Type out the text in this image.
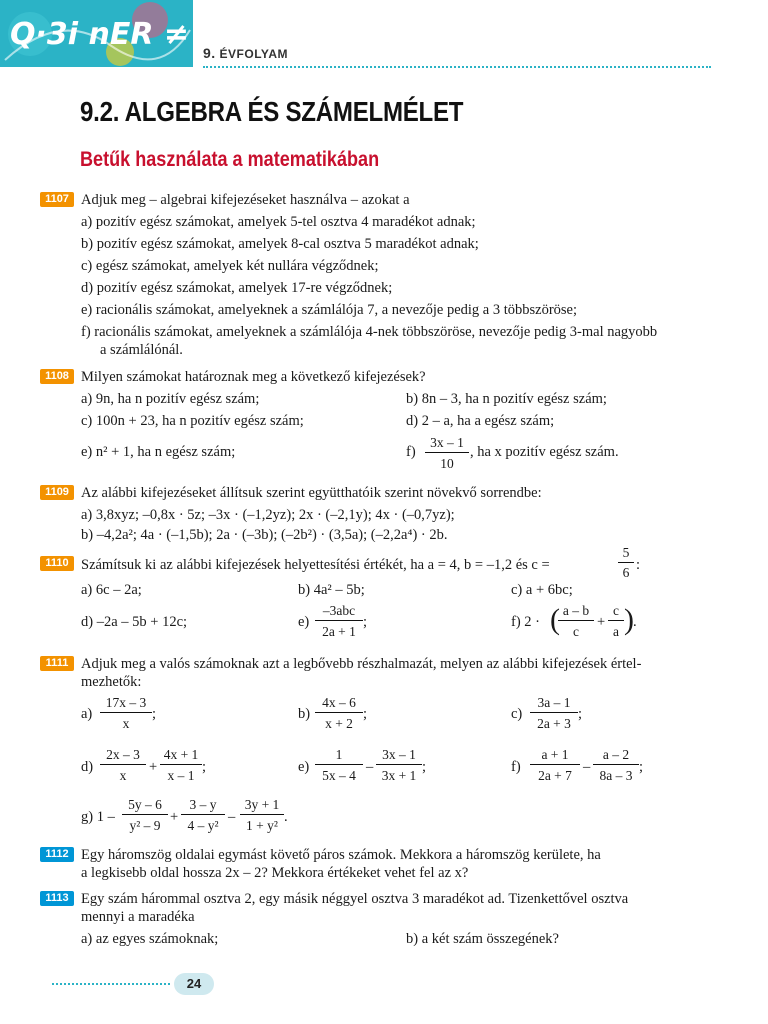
Q·3i nER ≠
9. ÉVFOLYAM
9.2. ALGEBRA ÉS SZÁMELMÉLET
Betűk használata a matematikában
1107 Adjuk meg – algebrai kifejezéseket használva – azokat a
a) pozitív egész számokat, amelyek 5-tel osztva 4 maradékot adnak;
b) pozitív egész számokat, amelyek 8-cal osztva 5 maradékot adnak;
c) egész számokat, amelyek két nullára végződnek;
d) pozitív egész számokat, amelyek 17-re végződnek;
e) racionális számokat, amelyeknek a számlálója 7, a nevezője pedig a 3 többszöröse;
f) racionális számokat, amelyeknek a számlálója 4-nek többszöröse, nevezője pedig 3-mal nagyobb
a számlálónál.
1108 Milyen számokat határoznak meg a következő kifejezések?
a) 9n, ha n pozitív egész szám;	b) 8n – 3, ha n pozitív egész szám;
c) 100n + 23, ha n pozitív egész szám;	d) 2 – a, ha a egész szám;
e) n² + 1, ha n egész szám;	f)
3x – 1
10
, ha x pozitív egész szám.
1109 Az alábbi kifejezéseket állítsuk szerint együtthatóik szerint növekvő sorrendbe:
a) 3,8xyz; –0,8x · 5z; –3x · (–1,2yz); 2x · (–2,1y); 4x · (–0,7yz);
b) –4,2a²; 4a · (–1,5b); 2a · (–3b); (–2b²) · (3,5a); (–2,2a⁴) · 2b.
1110 Számítsuk ki az alábbi kifejezések helyettesítési értékét, ha a = 4, b = –1,2 és c =
5
6 :
a) 6c – 2a;	b) 4a² – 5b;	c) a + 6bc;
d) –2a – 5b + 12c;	e)
–3abc
2a + 1
;	f) 2 · ( a – b
c
+
c
a ) .
1111 Adjuk meg a valós számoknak azt a legbővebb részhalmazát, melyen az alábbi kifejezések értel-
mezhetők:
a)
17x – 3
x
;	b)
4x – 6
x + 2
;	c)
3a – 1
2a + 3
;
d)
2x – 3
x
+
4x + 1
x – 1
;	e)
1
5x – 4
–
3x – 1
3x + 1
;	f)
a + 1
2a + 7
–
a – 2
8a – 3
;
g) 1 –
5y – 6
y² – 9
+
3 – y
4 – y²
–
3y + 1
1 + y²
.
1112 Egy háromszög oldalai egymást követő páros számok. Mekkora a háromszög kerülete, ha
a legkisebb oldal hossza 2x – 2? Mekkora értékeket vehet fel az x?
1113 Egy szám hárommal osztva 2, egy másik néggyel osztva 3 maradékot ad. Tizenkettővel osztva
mennyi a maradéka
a) az egyes számoknak;	b) a két szám összegének?
24
